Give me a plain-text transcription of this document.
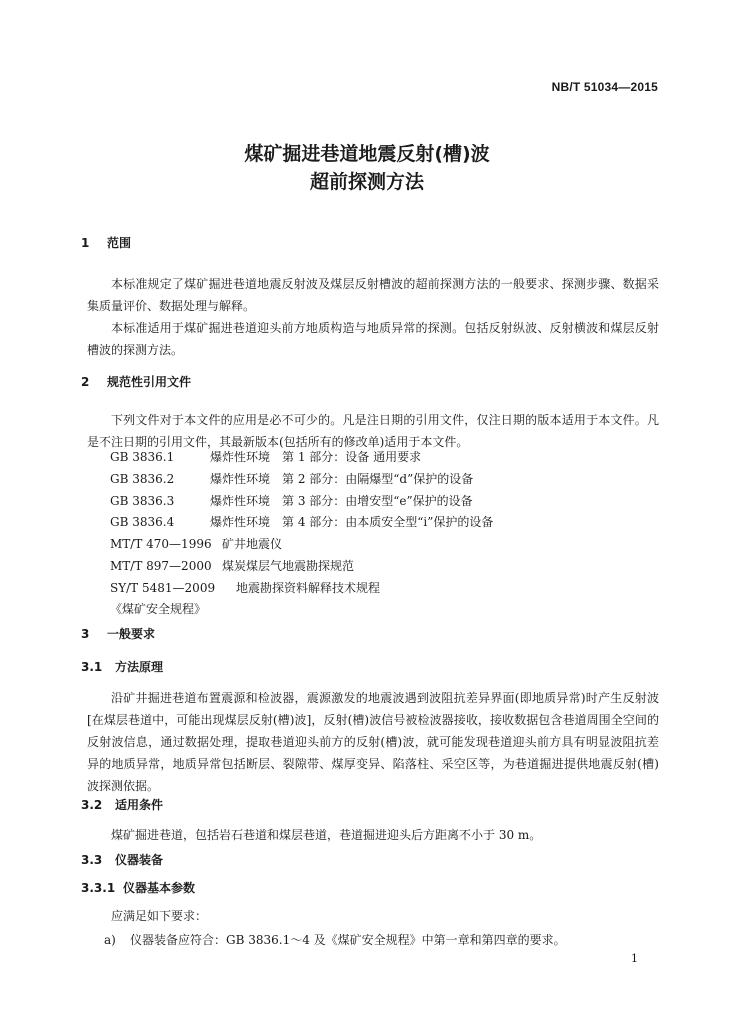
NB/T 51034—2015
煤矿掘进巷道地震反射(槽)波
超前探测方法
1 范围
本标准规定了煤矿掘进巷道地震反射波及煤层反射槽波的超前探测方法的一般要求、探测步骤、数据采集质量评价、数据处理与解释。
本标准适用于煤矿掘进巷道迎头前方地质构造与地质异常的探测。包括反射纵波、反射横波和煤层反射槽波的探测方法。
2 规范性引用文件
下列文件对于本文件的应用是必不可少的。凡是注日期的引用文件，仅注日期的版本适用于本文件。凡是不注日期的引用文件，其最新版本(包括所有的修改单)适用于本文件。
GB 3836.1	爆炸性环境　第 1 部分：设备 通用要求
GB 3836.2	爆炸性环境　第 2 部分：由隔爆型“d”保护的设备
GB 3836.3	爆炸性环境　第 3 部分：由增安型“e”保护的设备
GB 3836.4	爆炸性环境　第 4 部分：由本质安全型“i”保护的设备
MT/T 470—1996 矿井地震仪
MT/T 897—2000 煤炭煤层气地震勘探规范
SY/T 5481—2009 地震勘探资料解释技术规程
《煤矿安全规程》
3 一般要求
3.1 方法原理
沿矿井掘进巷道布置震源和检波器，震源激发的地震波遇到波阻抗差异界面(即地质异常)时产生反射波[在煤层巷道中，可能出现煤层反射(槽)波]，反射(槽)波信号被检波器接收，接收数据包含巷道周围全空间的反射波信息，通过数据处理，提取巷道迎头前方的反射(槽)波，就可能发现巷道迎头前方具有明显波阻抗差异的地质异常，地质异常包括断层、裂隙带、煤厚变异、陷落柱、采空区等，为巷道掘进提供地震反射(槽)波探测依据。
3.2 适用条件
煤矿掘进巷道，包括岩石巷道和煤层巷道，巷道掘进迎头后方距离不小于 30 m。
3.3 仪器装备
3.3.1 仪器基本参数
应满足如下要求：
a) 仪器装备应符合：GB 3836.1～4 及《煤矿安全规程》中第一章和第四章的要求。
1
